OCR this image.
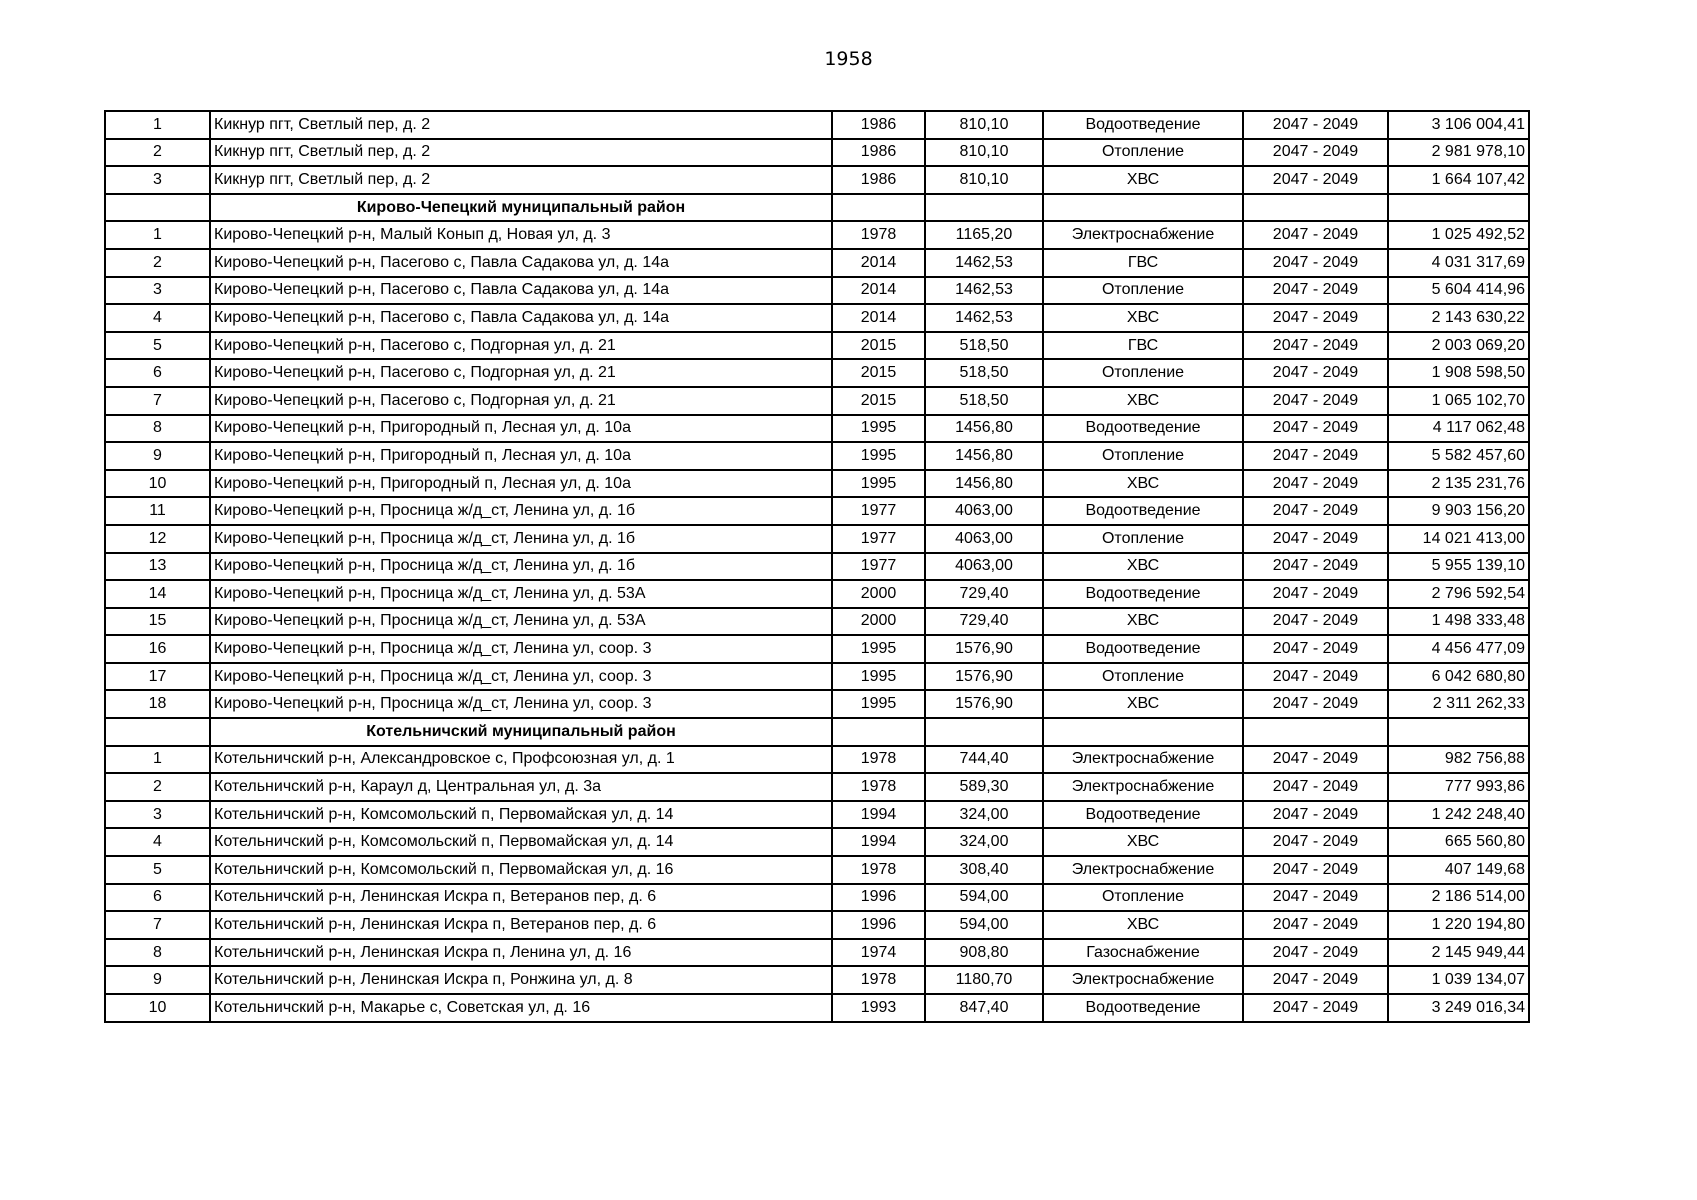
1958
1	Кикнур пгт, Светлый пер, д. 2	1986	810,10	Водоотведение	2047 - 2049	3 106 004,41
2	Кикнур пгт, Светлый пер, д. 2	1986	810,10	Отопление	2047 - 2049	2 981 978,10
3	Кикнур пгт, Светлый пер, д. 2	1986	810,10	ХВС	2047 - 2049	1 664 107,42
	Кирово-Чепецкий муниципальный район					
1	Кирово-Чепецкий р-н, Малый Конып д, Новая ул, д. 3	1978	1165,20	Электроснабжение	2047 - 2049	1 025 492,52
2	Кирово-Чепецкий р-н, Пасегово с, Павла Садакова ул, д. 14а	2014	1462,53	ГВС	2047 - 2049	4 031 317,69
3	Кирово-Чепецкий р-н, Пасегово с, Павла Садакова ул, д. 14а	2014	1462,53	Отопление	2047 - 2049	5 604 414,96
4	Кирово-Чепецкий р-н, Пасегово с, Павла Садакова ул, д. 14а	2014	1462,53	ХВС	2047 - 2049	2 143 630,22
5	Кирово-Чепецкий р-н, Пасегово с, Подгорная ул, д. 21	2015	518,50	ГВС	2047 - 2049	2 003 069,20
6	Кирово-Чепецкий р-н, Пасегово с, Подгорная ул, д. 21	2015	518,50	Отопление	2047 - 2049	1 908 598,50
7	Кирово-Чепецкий р-н, Пасегово с, Подгорная ул, д. 21	2015	518,50	ХВС	2047 - 2049	1 065 102,70
8	Кирово-Чепецкий р-н, Пригородный п, Лесная ул, д. 10а	1995	1456,80	Водоотведение	2047 - 2049	4 117 062,48
9	Кирово-Чепецкий р-н, Пригородный п, Лесная ул, д. 10а	1995	1456,80	Отопление	2047 - 2049	5 582 457,60
10	Кирово-Чепецкий р-н, Пригородный п, Лесная ул, д. 10а	1995	1456,80	ХВС	2047 - 2049	2 135 231,76
11	Кирово-Чепецкий р-н, Просница ж/д_ст, Ленина ул, д. 1б	1977	4063,00	Водоотведение	2047 - 2049	9 903 156,20
12	Кирово-Чепецкий р-н, Просница ж/д_ст, Ленина ул, д. 1б	1977	4063,00	Отопление	2047 - 2049	14 021 413,00
13	Кирово-Чепецкий р-н, Просница ж/д_ст, Ленина ул, д. 1б	1977	4063,00	ХВС	2047 - 2049	5 955 139,10
14	Кирово-Чепецкий р-н, Просница ж/д_ст, Ленина ул, д. 53А	2000	729,40	Водоотведение	2047 - 2049	2 796 592,54
15	Кирово-Чепецкий р-н, Просница ж/д_ст, Ленина ул, д. 53А	2000	729,40	ХВС	2047 - 2049	1 498 333,48
16	Кирово-Чепецкий р-н, Просница ж/д_ст, Ленина ул, соор. 3	1995	1576,90	Водоотведение	2047 - 2049	4 456 477,09
17	Кирово-Чепецкий р-н, Просница ж/д_ст, Ленина ул, соор. 3	1995	1576,90	Отопление	2047 - 2049	6 042 680,80
18	Кирово-Чепецкий р-н, Просница ж/д_ст, Ленина ул, соор. 3	1995	1576,90	ХВС	2047 - 2049	2 311 262,33
	Котельничский муниципальный район					
1	Котельничский р-н, Александровское с, Профсоюзная ул, д. 1	1978	744,40	Электроснабжение	2047 - 2049	982 756,88
2	Котельничский р-н, Караул д, Центральная ул, д. 3а	1978	589,30	Электроснабжение	2047 - 2049	777 993,86
3	Котельничский р-н, Комсомольский п, Первомайская ул, д. 14	1994	324,00	Водоотведение	2047 - 2049	1 242 248,40
4	Котельничский р-н, Комсомольский п, Первомайская ул, д. 14	1994	324,00	ХВС	2047 - 2049	665 560,80
5	Котельничский р-н, Комсомольский п, Первомайская ул, д. 16	1978	308,40	Электроснабжение	2047 - 2049	407 149,68
6	Котельничский р-н, Ленинская Искра п, Ветеранов пер, д. 6	1996	594,00	Отопление	2047 - 2049	2 186 514,00
7	Котельничский р-н, Ленинская Искра п, Ветеранов пер, д. 6	1996	594,00	ХВС	2047 - 2049	1 220 194,80
8	Котельничский р-н, Ленинская Искра п, Ленина ул, д. 16	1974	908,80	Газоснабжение	2047 - 2049	2 145 949,44
9	Котельничский р-н, Ленинская Искра п, Ронжина ул, д. 8	1978	1180,70	Электроснабжение	2047 - 2049	1 039 134,07
10	Котельничский р-н, Макарье с, Советская ул, д. 16	1993	847,40	Водоотведение	2047 - 2049	3 249 016,34
